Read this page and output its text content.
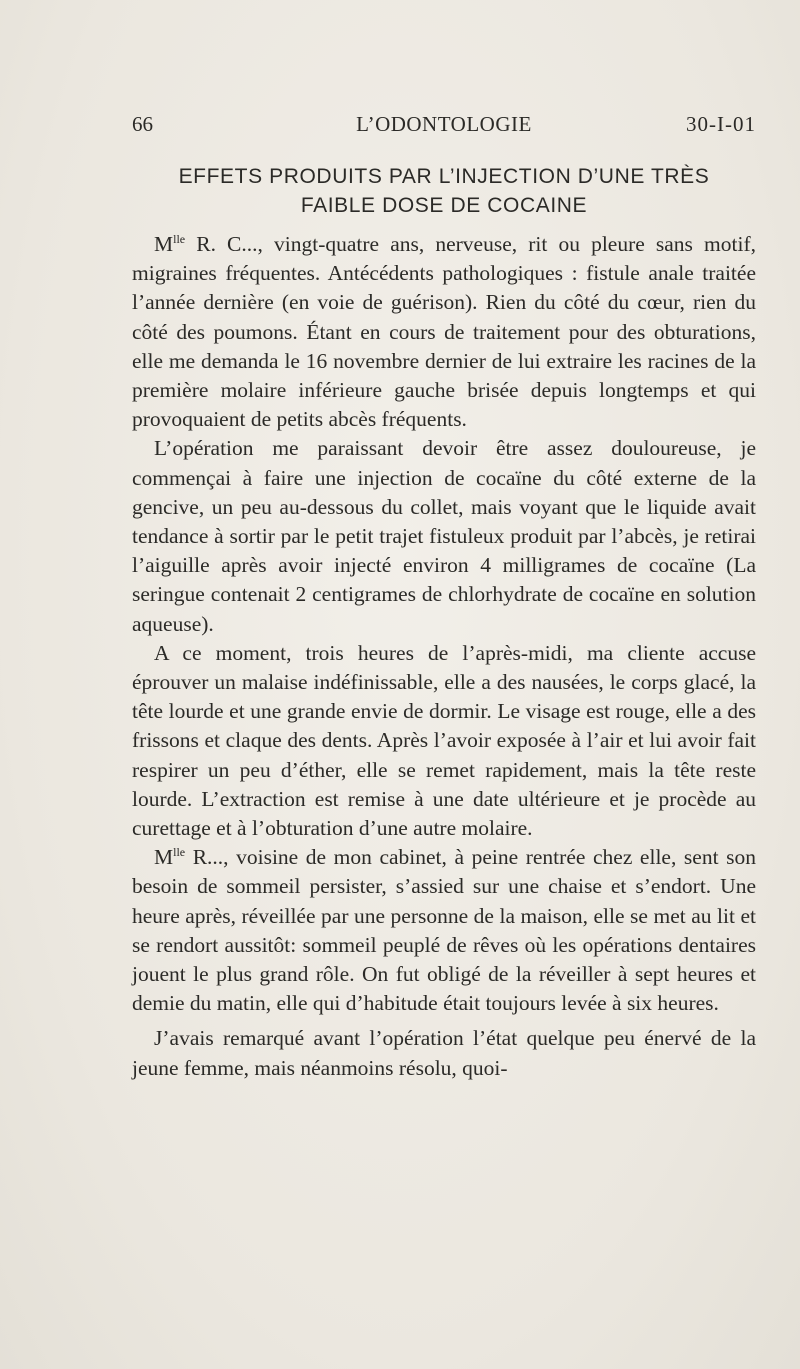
66	L’ODONTOLOGIE	30-I-01
EFFETS PRODUITS PAR L’INJECTION D’UNE TRÈS
FAIBLE DOSE DE COCAINE

$M^{lle}$ R. C..., vingt-quatre ans, nerveuse, rit ou pleure sans motif, migraines fréquentes. Antécédents pathologiques : fistule anale traitée l’année dernière (en voie de guérison). Rien du côté du cœur, rien du côté des poumons. Étant en cours de traitement pour des obturations, elle me demanda le 16 novembre dernier de lui extraire les racines de la première molaire inférieure gauche brisée depuis longtemps et qui provoquaient de petits abcès fréquents.

L’opération me paraissant devoir être assez douloureuse, je commençai à faire une injection de cocaïne du côté externe de la gencive, un peu au-dessous du collet, mais voyant que le liquide avait tendance à sortir par le petit trajet fistuleux produit par l’abcès, je retirai l’aiguille après avoir injecté environ 4 milligrames de cocaïne (La seringue contenait 2 centigrames de chlorhydrate de cocaïne en solution aqueuse).

A ce moment, trois heures de l’après-midi, ma cliente accuse éprouver un malaise indéfinissable, elle a des nausées, le corps glacé, la tête lourde et une grande envie de dormir. Le visage est rouge, elle a des frissons et claque des dents. Après l’avoir exposée à l’air et lui avoir fait respirer un peu d’éther, elle se remet rapidement, mais la tête reste lourde. L’extraction est remise à une date ultérieure et je procède au curettage et à l’obturation d’une autre molaire.

$M^{lle}$ R..., voisine de mon cabinet, à peine rentrée chez elle, sent son besoin de sommeil persister, s’assied sur une chaise et s’endort. Une heure après, réveillée par une personne de la maison, elle se met au lit et se rendort aussitôt: sommeil peuplé de rêves où les opérations dentaires jouent le plus grand rôle. On fut obligé de la réveiller à sept heures et demie du matin, elle qui d’habitude était toujours levée à six heures.

J’avais remarqué avant l’opération l’état quelque peu énervé de la jeune femme, mais néanmoins résolu, quoi-
